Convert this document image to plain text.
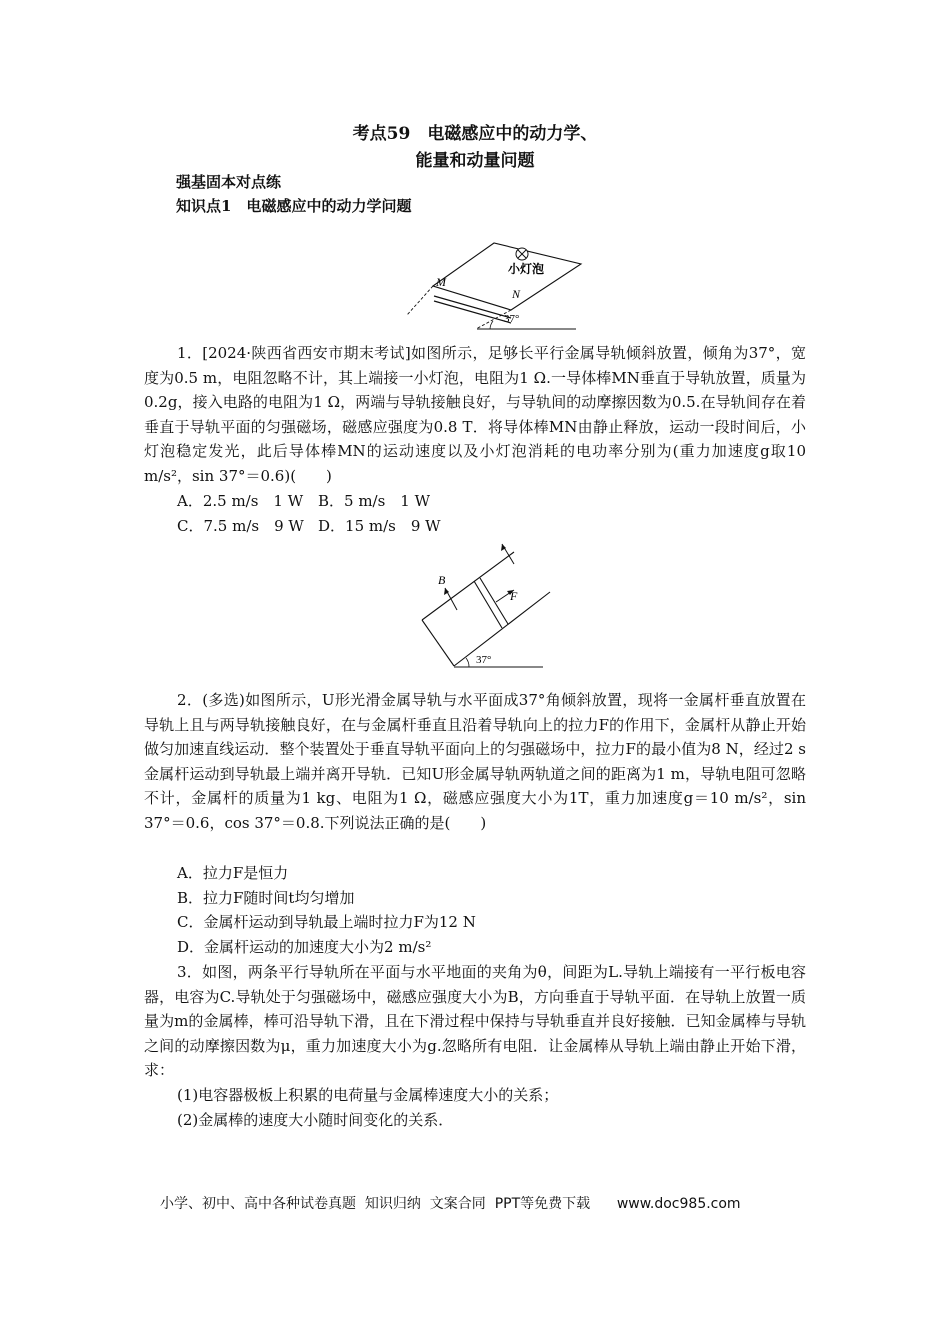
考点59　电磁感应中的动力学、
能量和动量问题
强基固本对点练
知识点1　电磁感应中的动力学问题
小灯泡
M
N
37°
1．[2024·陕西省西安市期末考试]如图所示，足够长平行金属导轨倾斜放置，倾角为37°，宽度为0.5 m，电阻忽略不计，其上端接一小灯泡，电阻为1 Ω.一导体棒MN垂直于导轨放置，质量为0.2g，接入电路的电阻为1 Ω，两端与导轨接触良好，与导轨间的动摩擦因数为0.5.在导轨间存在着垂直于导轨平面的匀强磁场，磁感应强度为0.8 T．将导体棒MN由静止释放，运动一段时间后，小灯泡稳定发光，此后导体棒MN的运动速度以及小灯泡消耗的电功率分别为(重力加速度g取10 m/s²，sin 37°＝0.6)(　　)
A．2.5 m/s　1 W B．5 m/s　1 W
C．7.5 m/s　9 W D．15 m/s　9 W
B
F
37°
2．(多选)如图所示，U形光滑金属导轨与水平面成37°角倾斜放置，现将一金属杆垂直放置在导轨上且与两导轨接触良好，在与金属杆垂直且沿着导轨向上的拉力F的作用下，金属杆从静止开始做匀加速直线运动．整个装置处于垂直导轨平面向上的匀强磁场中，拉力F的最小值为8 N，经过2 s金属杆运动到导轨最上端并离开导轨．已知U形金属导轨两轨道之间的距离为1 m，导轨电阻可忽略不计，金属杆的质量为1 kg、电阻为1 Ω，磁感应强度大小为1T，重力加速度g＝10 m/s²，sin 37°＝0.6，cos 37°＝0.8.下列说法正确的是(　　)
A．拉力F是恒力
B．拉力F随时间t均匀增加
C．金属杆运动到导轨最上端时拉力F为12 N
D．金属杆运动的加速度大小为2 m/s²
3．如图，两条平行导轨所在平面与水平地面的夹角为θ，间距为L.导轨上端接有一平行板电容器，电容为C.导轨处于匀强磁场中，磁感应强度大小为B，方向垂直于导轨平面．在导轨上放置一质量为m的金属棒，棒可沿导轨下滑，且在下滑过程中保持与导轨垂直并良好接触．已知金属棒与导轨之间的动摩擦因数为μ，重力加速度大小为g.忽略所有电阻．让金属棒从导轨上端由静止开始下滑，求：
(1)电容器极板上积累的电荷量与金属棒速度大小的关系；
(2)金属棒的速度大小随时间变化的关系．
小学、初中、高中各种试卷真题  知识归纳  文案合同  PPT等免费下载      www.doc985.com
